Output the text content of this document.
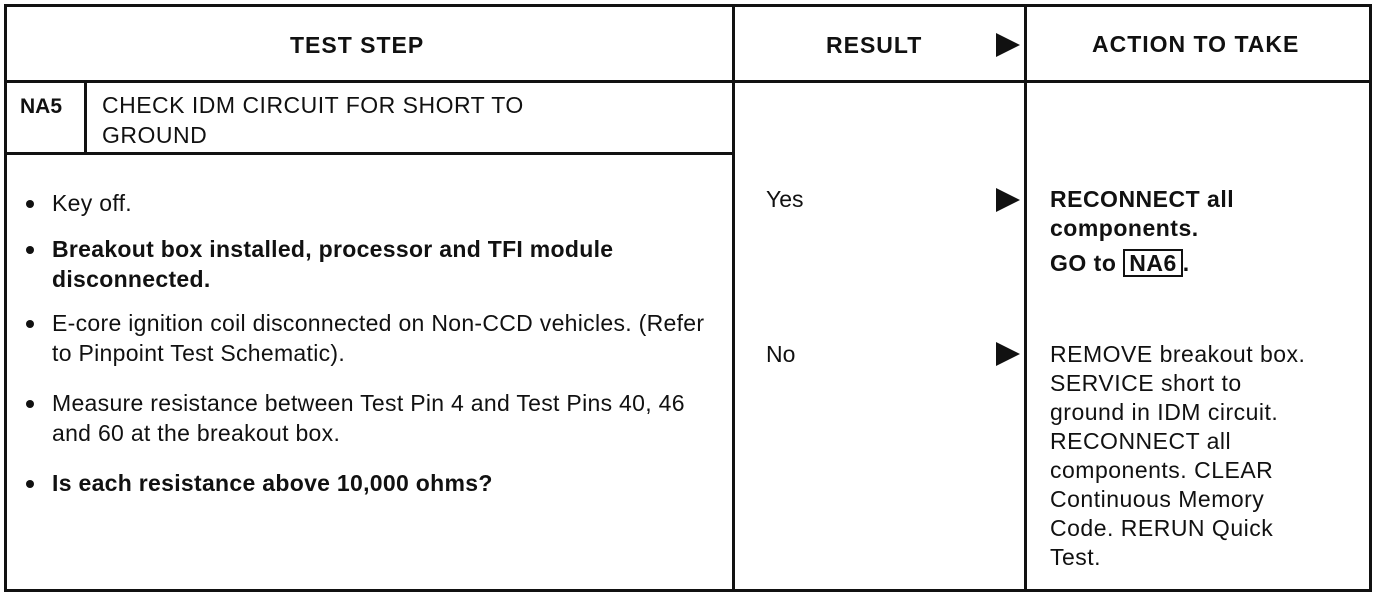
TEST STEP	RESULT	ACTION TO TAKE
NA5 CHECK IDM CIRCUIT FOR SHORT TO
GROUND
Key off.
Breakout box installed, processor and TFI module disconnected.
E-core ignition coil disconnected on Non-CCD vehicles. (Refer to Pinpoint Test Schematic).
Measure resistance between Test Pin 4 and Test Pins 40, 46 and 60 at the breakout box.
Is each resistance above 10,000 ohms?
Yes
No
RECONNECT all
components.
GO to NA6 .
REMOVE breakout box.
SERVICE short to
ground in IDM circuit.
RECONNECT all
components. CLEAR
Continuous Memory
Code. RERUN Quick
Test.
